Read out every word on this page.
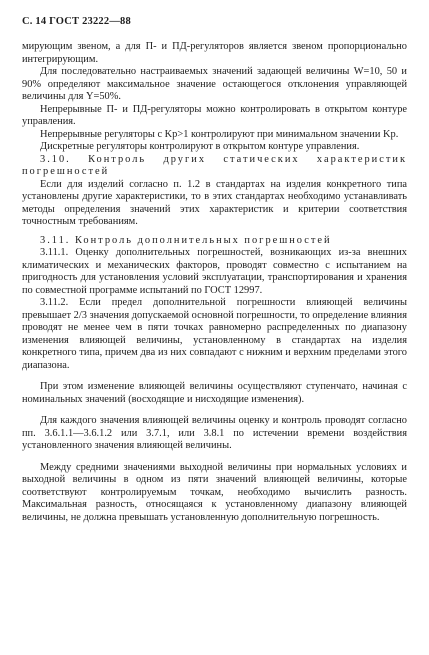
С. 14 ГОСТ 23222—88

мирующим звеном, а для П- и ПД-регуляторов является звеном пропорционально интегрирующим.

Для последовательно настраиваемых значений задающей величины W=10, 50 и 90% определяют максимальное значение остающегося отклонения управляющей величины для Y=50%.

Непрерывные П- и ПД-регуляторы можно контролировать в открытом контуре управления.

Непрерывные регуляторы с Kp>1 контролируют при минимальном значении Kp.

Дискретные регуляторы контролируют в открытом контуре управления.

3.10. Контроль других статических характеристик погрешностей

Если для изделий согласно п. 1.2 в стандартах на изделия конкретного типа установлены другие характеристики, то в этих стандартах необходимо устанавливать методы определения значений этих характеристик и критерии соответствия точностным требованиям.

3.11. Контроль дополнительных погрешностей

3.11.1. Оценку дополнительных погрешностей, возникающих из-за внешних климатических и механических факторов, проводят совместно с испытанием на пригодность для установления условий эксплуатации, транспортирования и хранения по совместной программе испытаний по ГОСТ 12997.

3.11.2. Если предел дополнительной погрешности влияющей величины превышает 2/3 значения допускаемой основной погрешности, то определение влияния проводят не менее чем в пяти точках равномерно распределенных по диапазону изменения влияющей величины, установленному в стандартах на изделия конкретного типа, причем два из них совпадают с нижним и верхним пределами этого диапазона.

При этом изменение влияющей величины осуществляют ступенчато, начиная с номинальных значений (восходящие и нисходящие изменения).

Для каждого значения влияющей величины оценку и контроль проводят согласно пп. 3.6.1.1—3.6.1.2 или 3.7.1, или 3.8.1 по истечении времени воздействия установленного значения влияющей величины.

Между средними значениями выходной величины при нормальных условиях и выходной величины в одном из пяти значений влияющей величины, которые соответствуют контролируемым точкам, необходимо вычислить разность. Максимальная разность, относящаяся к установленному диапазону влияющей величины, не должна превышать установленную дополнительную погрешность.
